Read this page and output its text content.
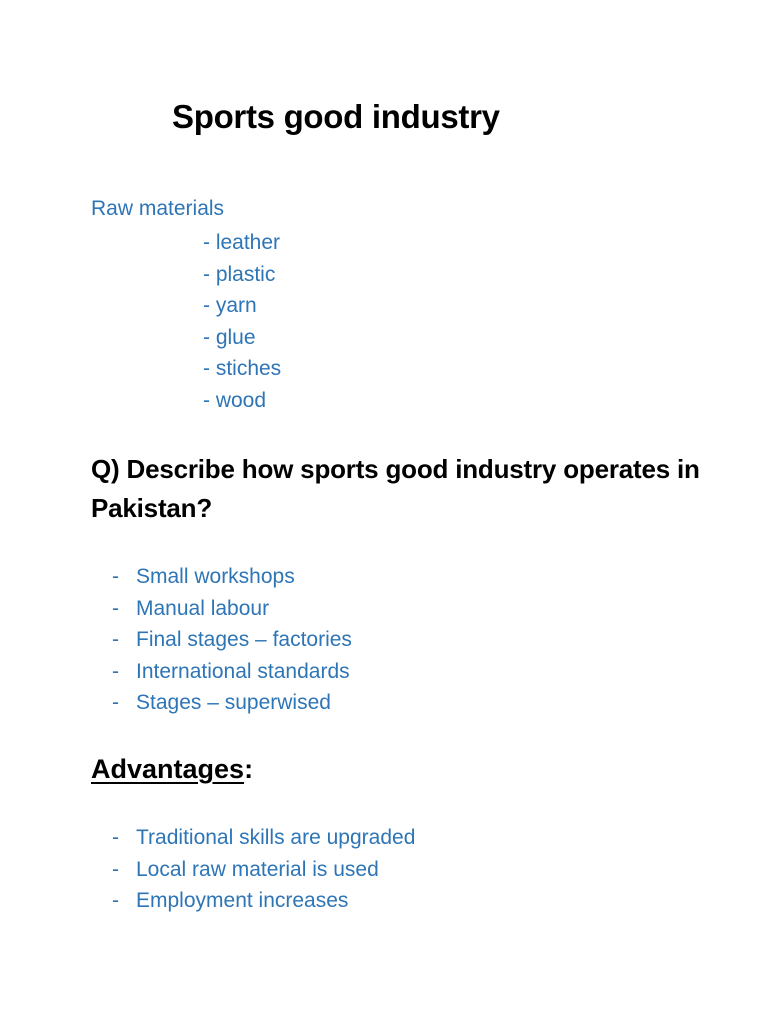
Sports good industry

Raw materials

- leather
- plastic
- yarn
- glue
- stiches
- wood
Q) Describe how sports good industry operates in Pakistan?
- Small workshops
- Manual labour
- Final stages – factories
- International standards
- Stages – superwised
Advantages:
- Traditional skills are upgraded
- Local raw material is used
- Employment increases
